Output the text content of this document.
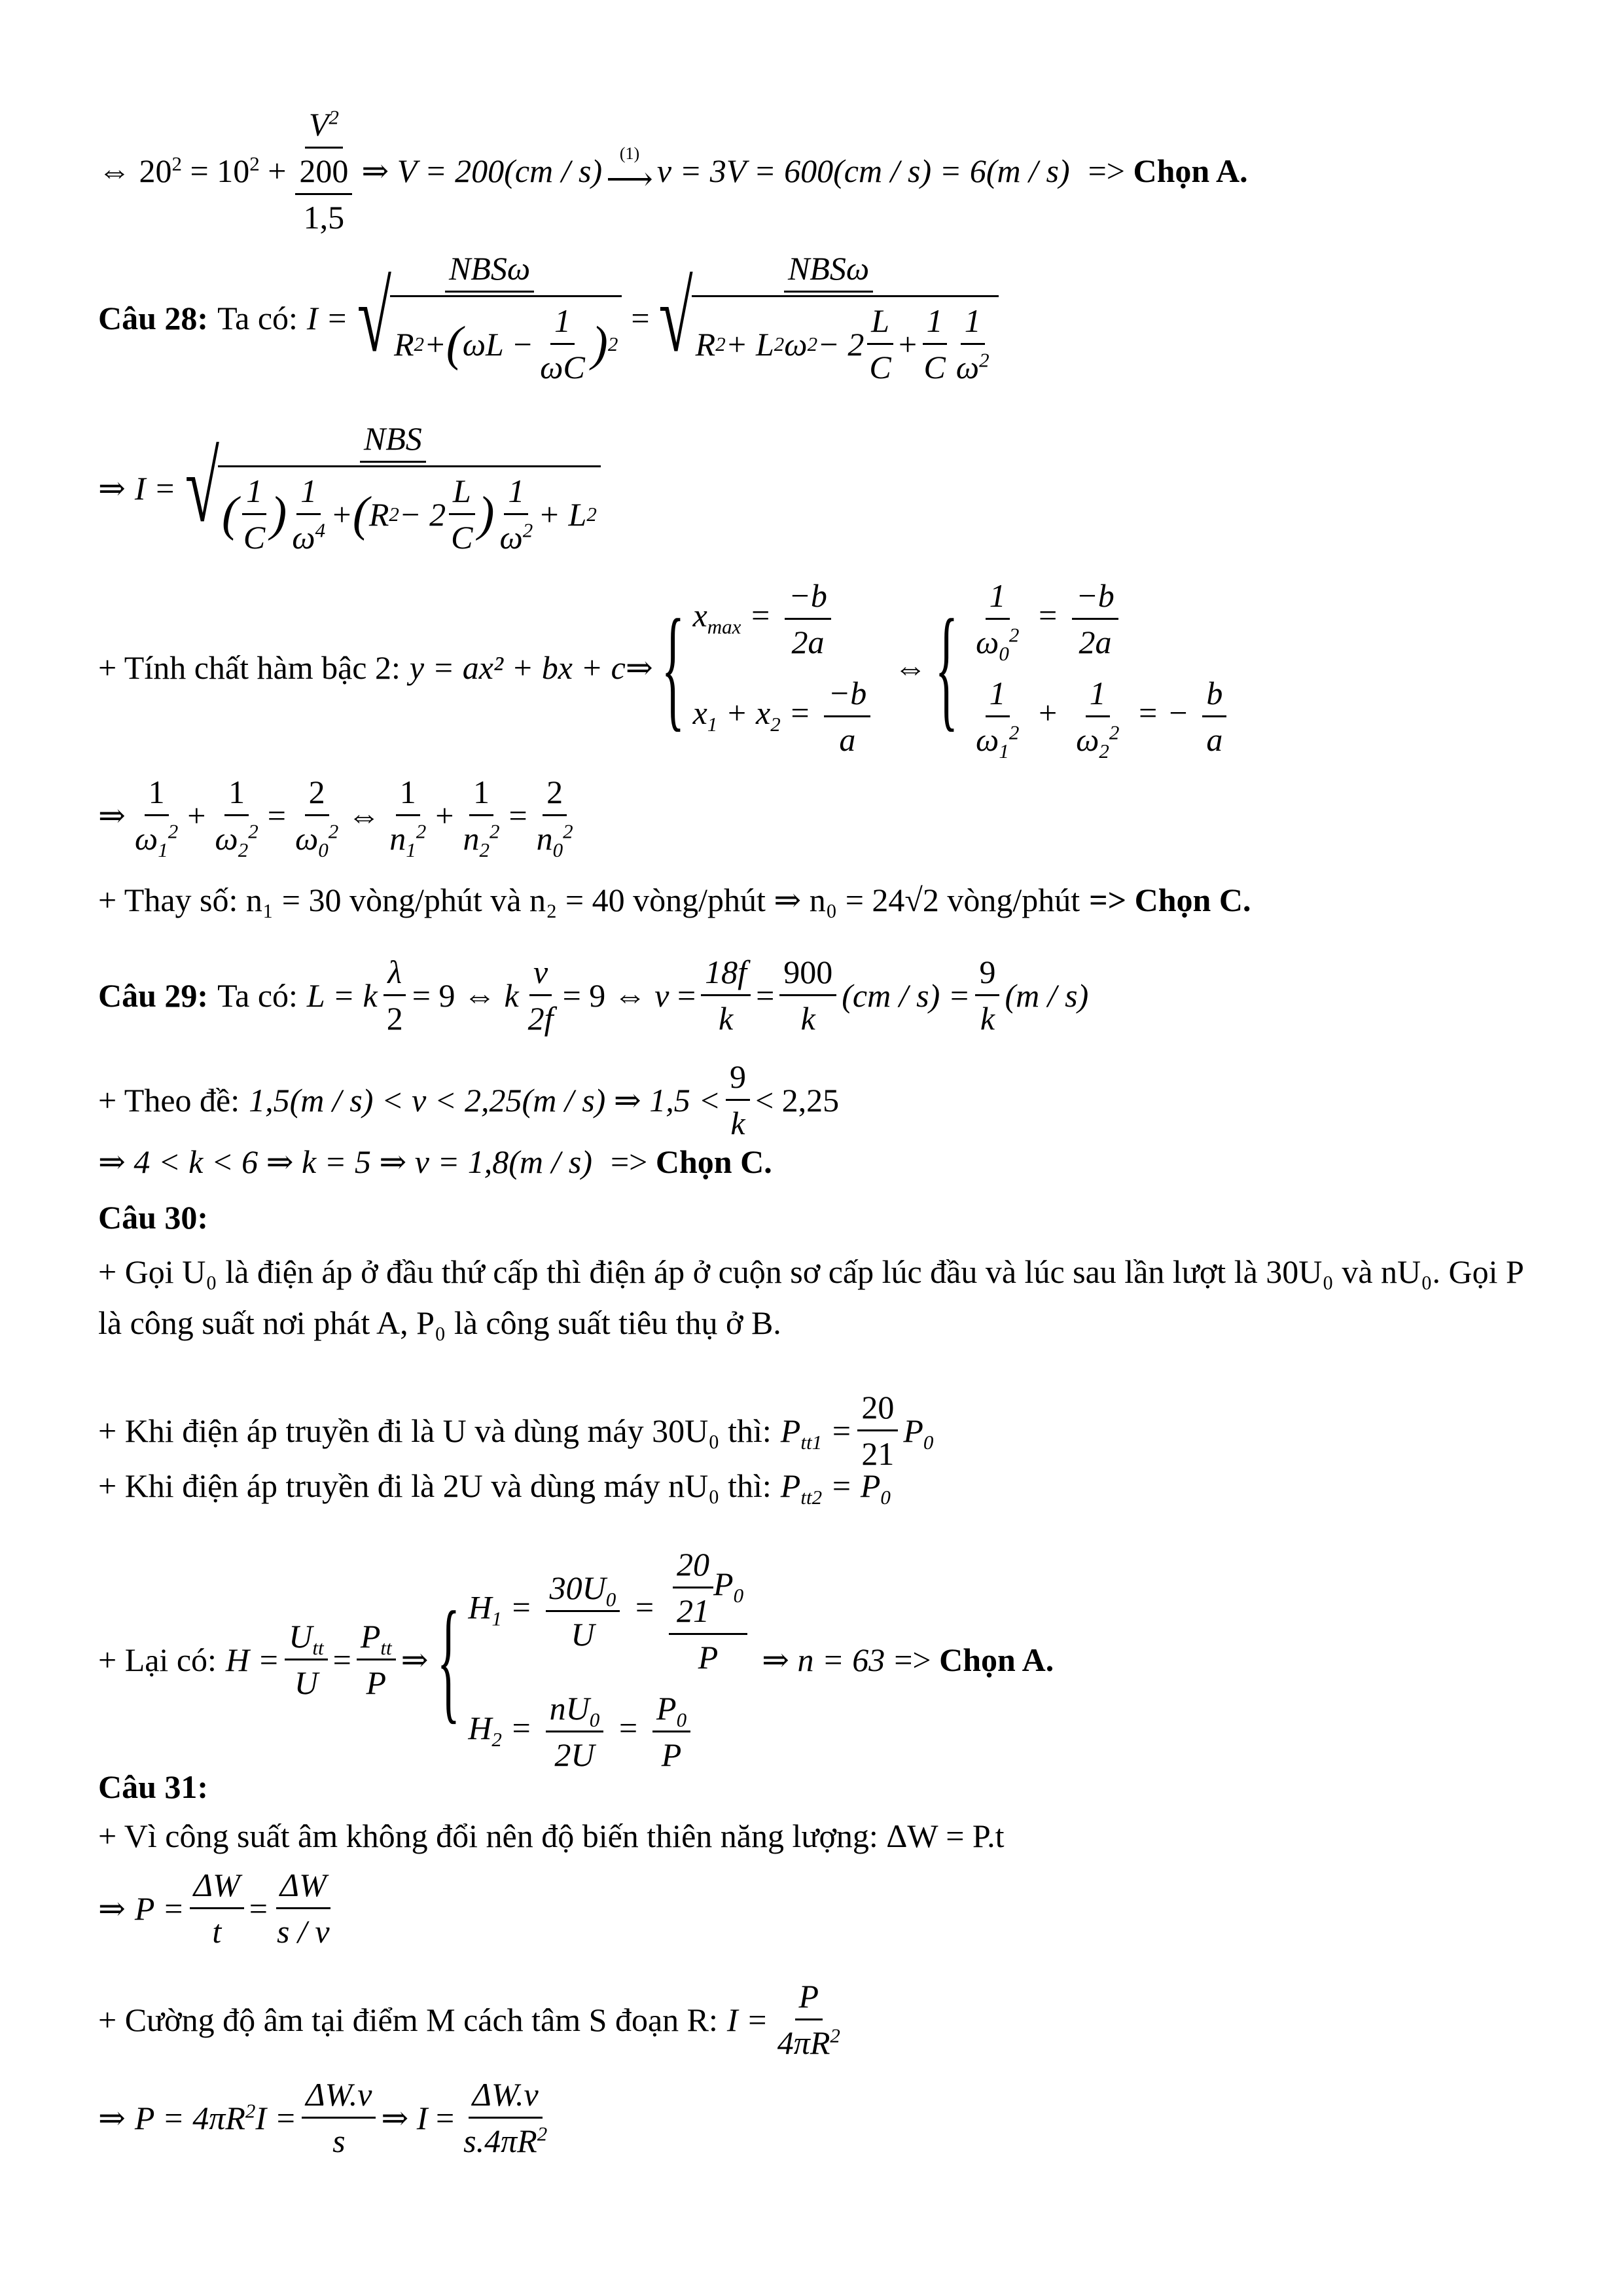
⇔ $20^2 = 10^2 + \frac{V^2}{\frac{200}{1,5}}$ ⇒ V = 200(cm / s) (1)
⟶ v = 3V = 600(cm / s) = 6(m / s) => Chọn A.
Câu 28: Ta có: $I = \frac{\text{NBSω}}{√ R 2 + ( \omega L - \frac{1}{\omega C} ) 2} = \frac{\text{NBSω}}{√ R 2 + L 2 \omega 2 - 2 \frac{L}{C} + \frac{1}{C} \frac{1}{\omega^2}}$
⇒ I =
NBS
√ ( $\frac{1}{C}$ ) $\frac{1}{\omega^4}$ + ( R $2 - 2 \frac{L}{C}$ ) $\frac{1}{\omega^2} + L$ 2
+ Tính chất hàm bậc 2: y = ax² + bx + c ⇒ { $x_{max} = \frac{-b}{2a}$
$x_1 + x_2 = \frac{-b}{a}$
⇔ { $\frac{1}{\omega_0^2} = \frac{-b}{2a}$
$\frac{1}{\omega_1^2} + \frac{1}{\omega_2^2}$ = − $\frac{b}{a}$
⇒ $\frac{1}{\omega_1^2} + \frac{1}{\omega_2^2} = \frac{2}{\omega_0^2}$ ⇔ $\frac{1}{n_1^2} + \frac{1}{n_2^2} = \frac{2}{n_0^2}$
+ Thay số: n₁ = 30 vòng/phút và n₂ = 40 vòng/phút ⇒ n₀ = 24√2 vòng/phút => Chọn C.
Câu 29: Ta có: L = k $\frac{\lambda}{2} = 9$ ⇔ k $\frac{v}{2f} = 9$ ⇔ $v = \frac{18f}{k} = \frac{900}{k} (cm / s) = \frac{9}{k} (m / s)$
+ Theo đề: 1,5(m / s) < v < 2,25(m / s) ⇒ $1,5 < \frac{9}{k} < 2,25$
⇒ 4 < k < 6 ⇒ k = 5 ⇒ v = 1,8(m / s) => Chọn C.
Câu 30:
+ Gọi U₀ là điện áp ở đầu thứ cấp thì điện áp ở cuộn sơ cấp lúc đầu và lúc sau lần lượt là 30U₀ và nU₀. Gọi P là công suất nơi phát A, P₀ là công suất tiêu thụ ở B.
+ Khi điện áp truyền đi là U và dùng máy 30U₀ thì: $P_{tt1} = \frac{20}{21} P_0$
+ Khi điện áp truyền đi là 2U và dùng máy nU₀ thì: $P_{tt2} = P_0$
+ Lại có: $H = \frac{U_{tt}}{U} = \frac{P_{tt}}{P}$ ⇒ { $H_1 = \frac{30U_0}{U} = \frac{\frac{20}{21} P_0}{P}$
$H_2 = \frac{nU_0}{2U} = \frac{P_0}{P}$
⇒ n = 63 => Chọn A.
Câu 31:
+ Vì công suất âm không đổi nên độ biến thiên năng lượng: ΔW = P.t
⇒ $P = \frac{\Delta W}{t} = \frac{\Delta W}{s / v}$
+ Cường độ âm tại điểm M cách tâm S đoạn R: $I = \frac{P}{4\pi R^2}$
⇒ $P = 4\pi R^2I = \frac{\Delta W.v}{s}$ ⇒ $I = \frac{\Delta W.v}{s.4\pi R^2}$
